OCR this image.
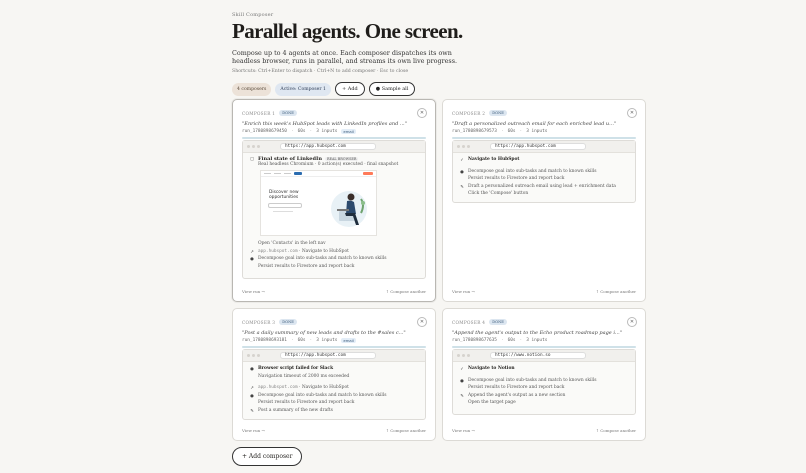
Skill Composer
Parallel agents. One screen.
Compose up to 4 agents at once. Each composer dispatches its own headless browser, runs in parallel, and streams its own live progress.
Shortcuts: Ctrl+Enter to dispatch · Ctrl+N to add composer · Esc to close
4 composers	Active: Composer 1	+ Add	● Sample all
COMPOSER 1	DONE	✕
"Enrich this week's HubSpot leads with LinkedIn profiles and ..."
run_1780898679450 · 60s · 3 inputs	email
https://app.hubspot.com
▢ Final state of LinkedIn REAL BROWSER
Real headless Chromium · 0 action(s) executed · final snapshot
Discover new opportunities
Open 'Contacts' in the left nav
↗ app.hubspot.com · Navigate to HubSpot
● Decompose goal into sub-tasks and match to known skills
Persist results to Firestore and report back
View run →	↑ Compose another
COMPOSER 2	DONE	✕
"Draft a personalized outreach email for each enriched lead u..."
run_1780898679573 · 60s · 3 inputs
https://app.hubspot.com
✓ Navigate to HubSpot
● Decompose goal into sub-tasks and match to known skills
Persist results to Firestore and report back
✎ Draft a personalized outreach email using lead + enrichment data
Click the 'Compose' button
View run →	↑ Compose another
COMPOSER 3	DONE	✕
"Post a daily summary of new leads and drafts to the #sales c..."
run_1780898693181 · 60s · 3 inputs	email
https://app.hubspot.com
● Browser script failed for Slack
Navigation timeout of 2000 ms exceeded
↗ app.hubspot.com · Navigate to HubSpot
● Decompose goal into sub-tasks and match to known skills
Persist results to Firestore and report back
✎ Post a summary of the new drafts
View run →	↑ Compose another
COMPOSER 4	DONE	✕
"Append the agent's output to the Echo product roadmap page i..."
run_1780898677635 · 60s · 3 inputs
https://www.notion.so
✓ Navigate to Notion
● Decompose goal into sub-tasks and match to known skills
Persist results to Firestore and report back
✎ Append the agent's output as a new section
Open the target page
View run →	↑ Compose another
+ Add composer
